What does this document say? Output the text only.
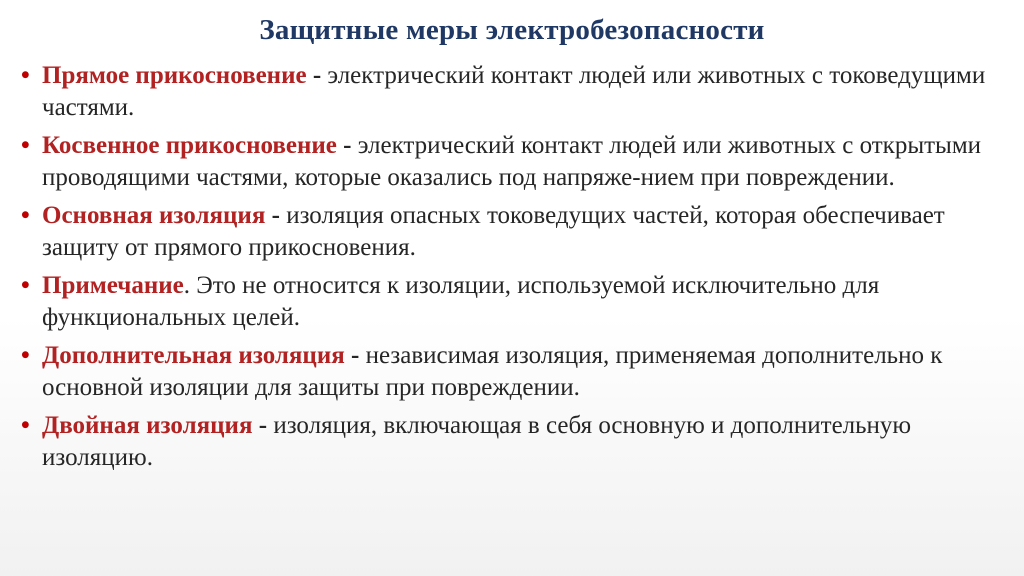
Защитные меры электробезопасности
• Прямое прикосновение - электрический контакт людей или животных с токоведущими частями.
• Косвенное прикосновение - электрический контакт людей или животных с открытыми проводящими частями, которые оказались под напряже-нием при повреждении.
• Основная изоляция - изоляция опасных токоведущих частей, которая обеспечивает защиту от прямого прикосновения.
• Примечание. Это не относится к изоляции, используемой исключительно для функциональных целей.
• Дополнительная изоляция - независимая изоляция, применяемая дополнительно к основной изоляции для защиты при повреждении.
• Двойная изоляция - изоляция, включающая в себя основную и дополнительную изоляцию.
